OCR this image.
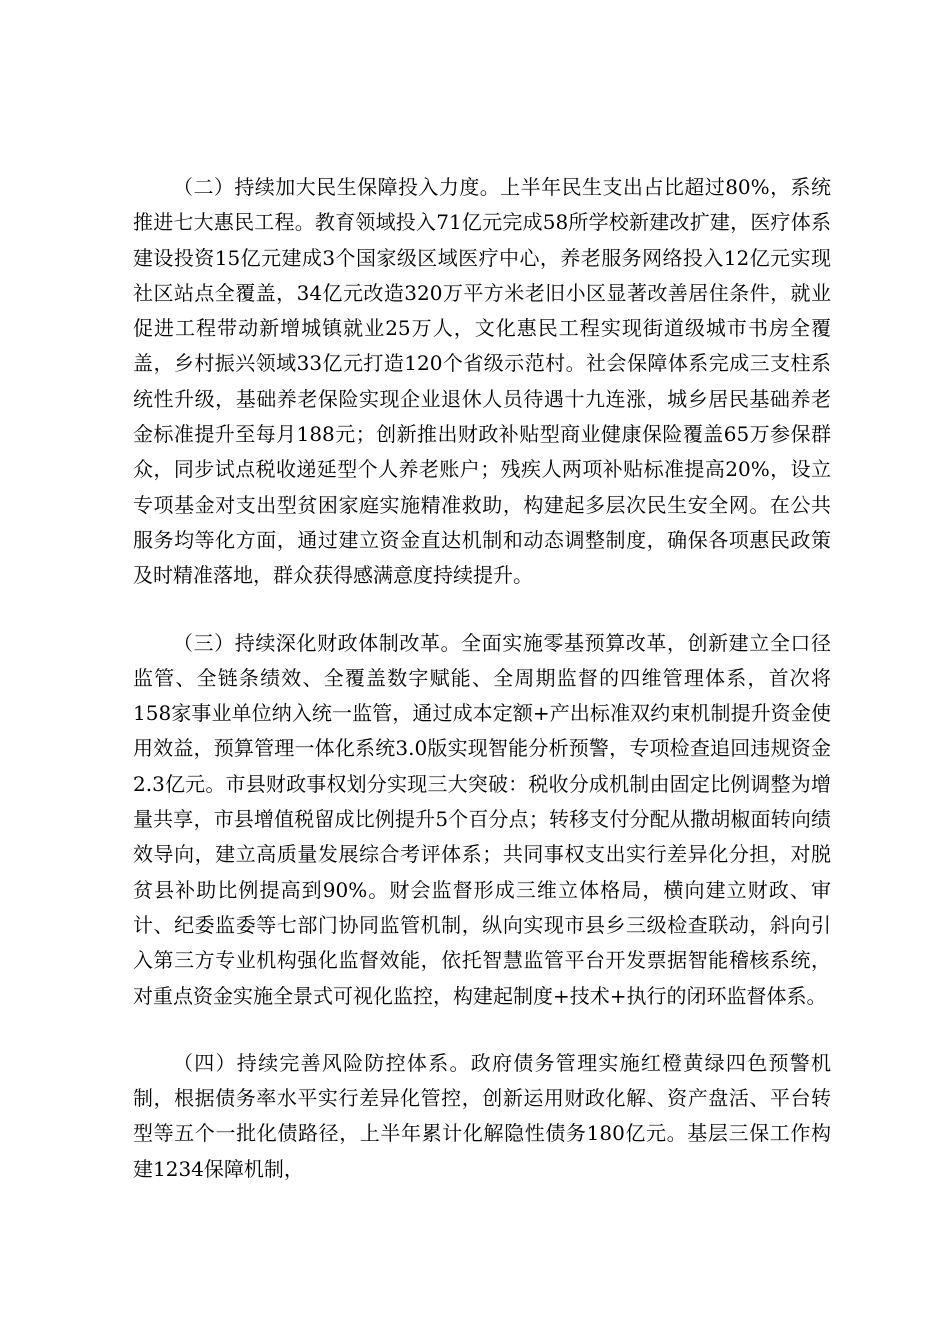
（二）持续加大民生保障投入力度。上半年民生支出占比超过80%，系统推进七大惠民工程。教育领域投入71亿元完成58所学校新建改扩建，医疗体系建设投资15亿元建成3个国家级区域医疗中心，养老服务网络投入12亿元实现社区站点全覆盖，34亿元改造320万平方米老旧小区显著改善居住条件，就业促进工程带动新增城镇就业25万人，文化惠民工程实现街道级城市书房全覆盖，乡村振兴领域33亿元打造120个省级示范村。社会保障体系完成三支柱系统性升级，基础养老保险实现企业退休人员待遇十九连涨，城乡居民基础养老金标准提升至每月188元；创新推出财政补贴型商业健康保险覆盖65万参保群众，同步试点税收递延型个人养老账户；残疾人两项补贴标准提高20%，设立专项基金对支出型贫困家庭实施精准救助，构建起多层次民生安全网。在公共服务均等化方面，通过建立资金直达机制和动态调整制度，确保各项惠民政策及时精准落地，群众获得感满意度持续提升。

（三）持续深化财政体制改革。全面实施零基预算改革，创新建立全口径监管、全链条绩效、全覆盖数字赋能、全周期监督的四维管理体系，首次将158家事业单位纳入统一监管，通过成本定额+产出标准双约束机制提升资金使用效益，预算管理一体化系统3.0版实现智能分析预警，专项检查追回违规资金2.3亿元。市县财政事权划分实现三大突破：税收分成机制由固定比例调整为增量共享，市县增值税留成比例提升5个百分点；转移支付分配从撒胡椒面转向绩效导向，建立高质量发展综合考评体系；共同事权支出实行差异化分担，对脱贫县补助比例提高到90%。财会监督形成三维立体格局，横向建立财政、审计、纪委监委等七部门协同监管机制，纵向实现市县乡三级检查联动，斜向引入第三方专业机构强化监督效能，依托智慧监管平台开发票据智能稽核系统，对重点资金实施全景式可视化监控，构建起制度+技术+执行的闭环监督体系。

（四）持续完善风险防控体系。政府债务管理实施红橙黄绿四色预警机制，根据债务率水平实行差异化管控，创新运用财政化解、资产盘活、平台转型等五个一批化债路径，上半年累计化解隐性债务180亿元。基层三保工作构建1234保障机制，
